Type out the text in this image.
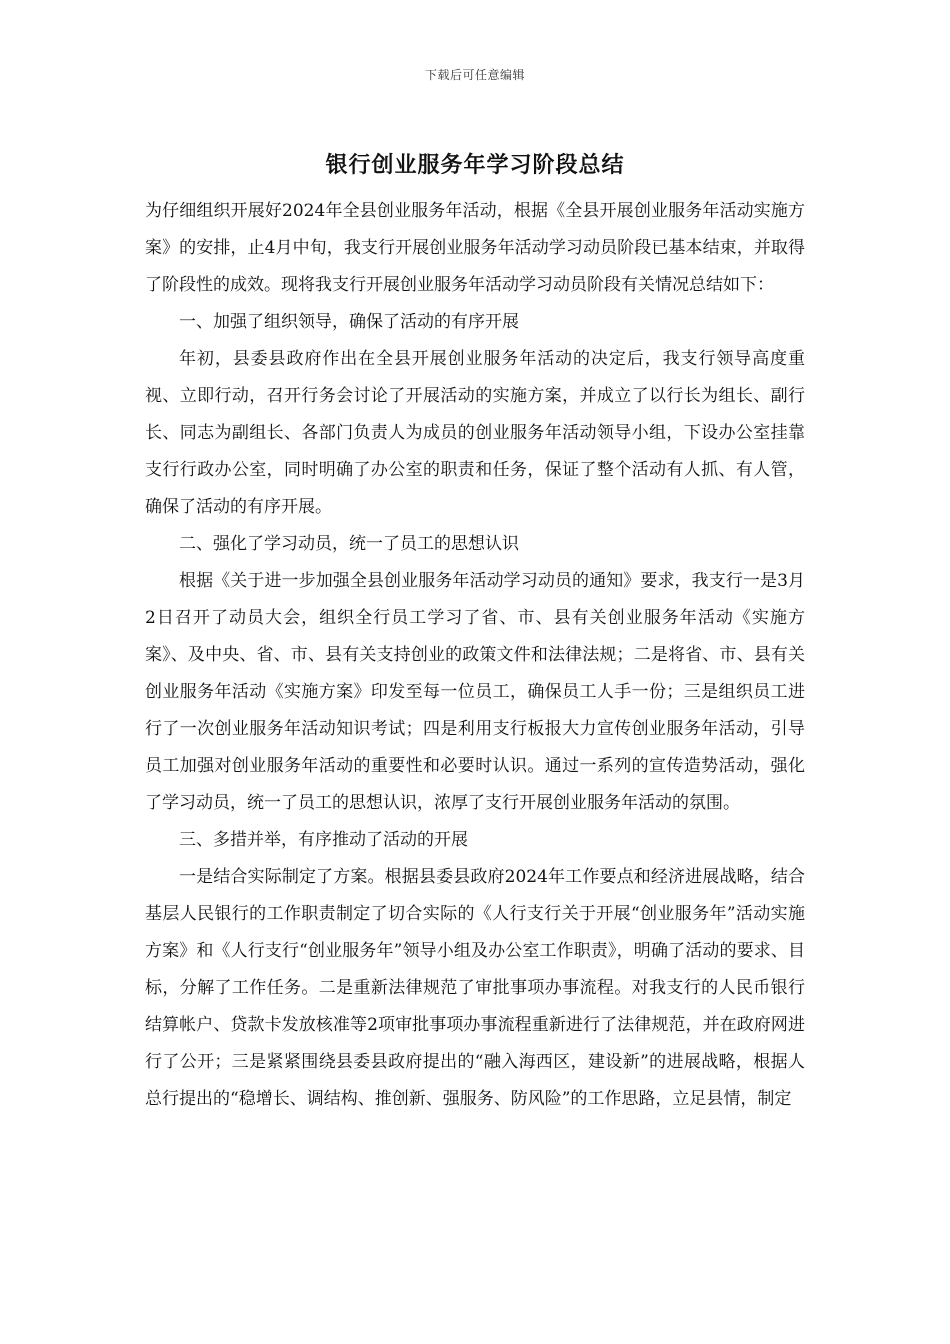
下载后可任意编辑
银行创业服务年学习阶段总结

为仔细组织开展好2024年全县创业服务年活动，根据《全县开展创业服务年活动实施方案》的安排，止4月中旬，我支行开展创业服务年活动学习动员阶段已基本结束，并取得了阶段性的成效。现将我支行开展创业服务年活动学习动员阶段有关情况总结如下：

一、加强了组织领导，确保了活动的有序开展

年初，县委县政府作出在全县开展创业服务年活动的决定后，我支行领导高度重视、立即行动，召开行务会讨论了开展活动的实施方案，并成立了以行长为组长、副行长、同志为副组长、各部门负责人为成员的创业服务年活动领导小组，下设办公室挂靠支行行政办公室，同时明确了办公室的职责和任务，保证了整个活动有人抓、有人管，确保了活动的有序开展。

二、强化了学习动员，统一了员工的思想认识

根据《关于进一步加强全县创业服务年活动学习动员的通知》要求，我支行一是3月2日召开了动员大会，组织全行员工学习了省、市、县有关创业服务年活动《实施方案》、及中央、省、市、县有关支持创业的政策文件和法律法规；二是将省、市、县有关创业服务年活动《实施方案》印发至每一位员工，确保员工人手一份；三是组织员工进行了一次创业服务年活动知识考试；四是利用支行板报大力宣传创业服务年活动，引导员工加强对创业服务年活动的重要性和必要时认识。通过一系列的宣传造势活动，强化了学习动员，统一了员工的思想认识，浓厚了支行开展创业服务年活动的氛围。

三、多措并举，有序推动了活动的开展

一是结合实际制定了方案。根据县委县政府2024年工作要点和经济进展战略，结合基层人民银行的工作职责制定了切合实际的《人行支行关于开展“创业服务年”活动实施方案》和《人行支行“创业服务年”领导小组及办公室工作职责》，明确了活动的要求、目标，分解了工作任务。二是重新法律规范了审批事项办事流程。对我支行的人民币银行结算帐户、贷款卡发放核准等2项审批事项办事流程重新进行了法律规范，并在政府网进行了公开；三是紧紧围绕县委县政府提出的“融入海西区，建设新”的进展战略，根据人总行提出的“稳增长、调结构、推创新、强服务、防风险”的工作思路，立足县情，制定
